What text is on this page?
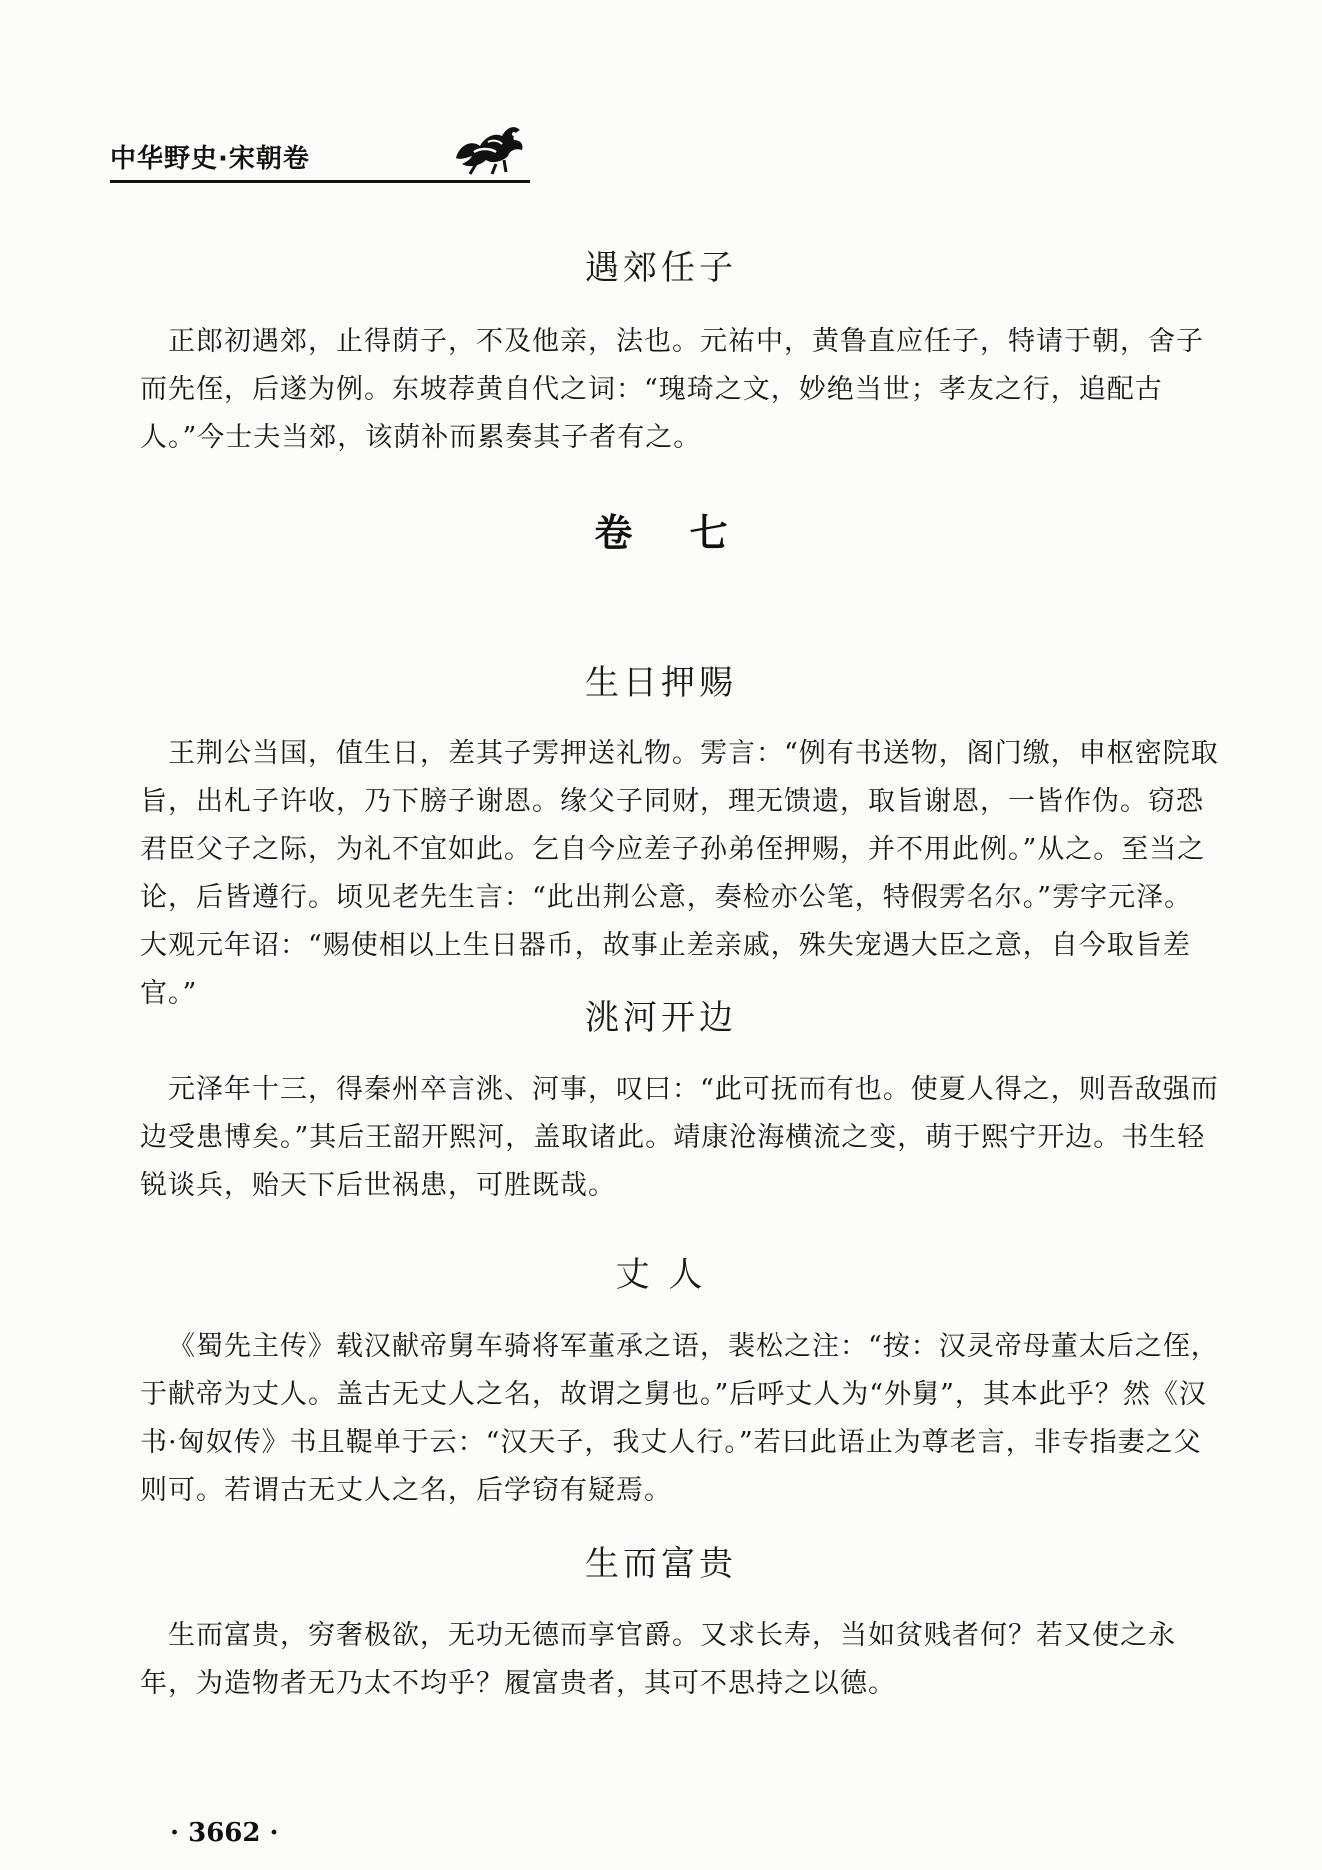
中华野史·宋朝卷
遇郊任子

正郎初遇郊，止得荫子，不及他亲，法也。元祐中，黄鲁直应任子，特请于朝，舍子而先侄，后遂为例。东坡荐黄自代之词：“瑰琦之文，妙绝当世；孝友之行，追配古人。”今士夫当郊，该荫补而累奏其子者有之。

卷 七
生日押赐

王荆公当国，值生日，差其子雱押送礼物。雱言：“例有书送物，阁门缴，申枢密院取旨，出札子许收，乃下膀子谢恩。缘父子同财，理无馈遗，取旨谢恩，一皆作伪。窃恐君臣父子之际，为礼不宜如此。乞自今应差子孙弟侄押赐，并不用此例。”从之。至当之论，后皆遵行。顷见老先生言：“此出荆公意，奏检亦公笔，特假雱名尔。”雱字元泽。大观元年诏：“赐使相以上生日器币，故事止差亲戚，殊失宠遇大臣之意，自今取旨差官。”

洮河开边

元泽年十三，得秦州卒言洮、河事，叹曰：“此可抚而有也。使夏人得之，则吾敌强而边受患博矣。”其后王韶开熙河，盖取诸此。靖康沧海横流之变，萌于熙宁开边。书生轻锐谈兵，贻天下后世祸患，可胜既哉。

丈 人

《蜀先主传》载汉献帝舅车骑将军董承之语，裴松之注：“按：汉灵帝母董太后之侄，于献帝为丈人。盖古无丈人之名，故谓之舅也。”后呼丈人为“外舅”，其本此乎？然《汉书·匈奴传》书且鞮单于云：“汉天子，我丈人行。”若曰此语止为尊老言，非专指妻之父则可。若谓古无丈人之名，后学窃有疑焉。

生而富贵

生而富贵，穷奢极欲，无功无德而享官爵。又求长寿，当如贫贱者何？若又使之永年，为造物者无乃太不均乎？履富贵者，其可不思持之以德。

· 3662 ·
